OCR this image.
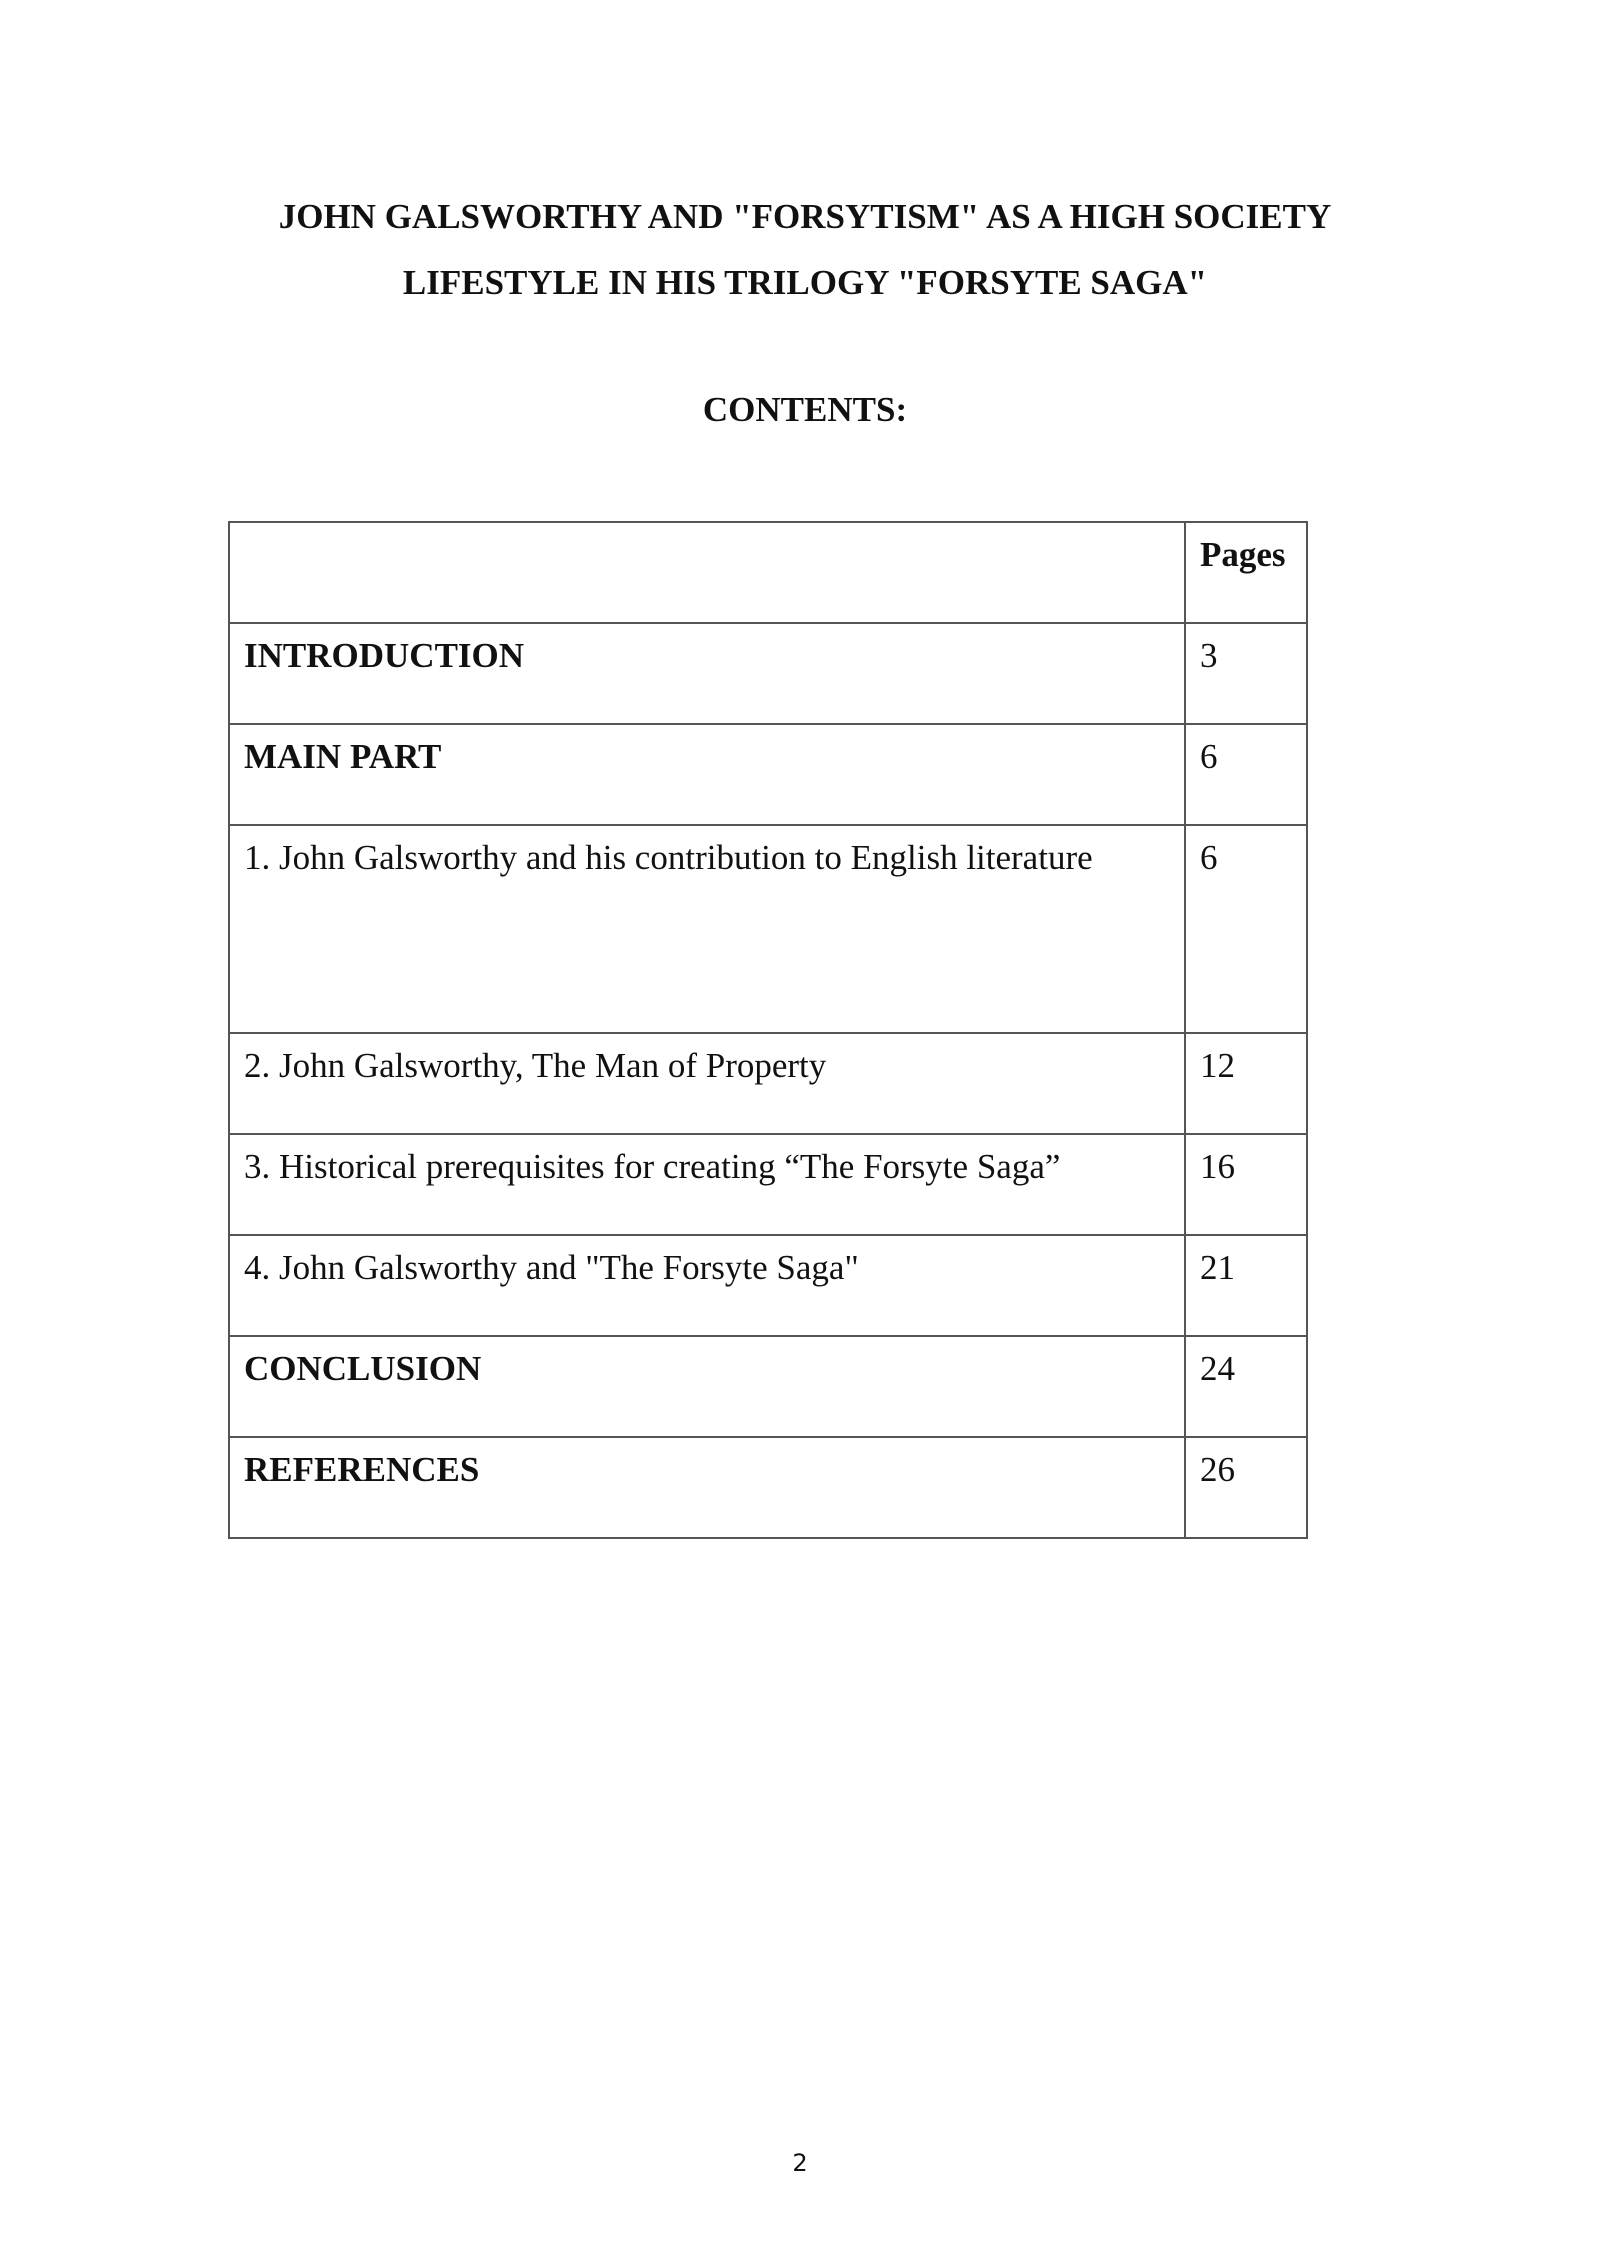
JOHN GALSWORTHY AND "FORSYTISM" AS A HIGH SOCIETY
LIFESTYLE IN HIS TRILOGY "FORSYTE SAGA"
CONTENTS:
	Pages
INTRODUCTION	3
MAIN PART	6
1. John Galsworthy and his contribution to English literature	6
2. John Galsworthy, The Man of Property	12
3. Historical prerequisites for creating “The Forsyte Saga”	16
4. John Galsworthy and "The Forsyte Saga"	21
CONCLUSION	24
REFERENCES	26
2
